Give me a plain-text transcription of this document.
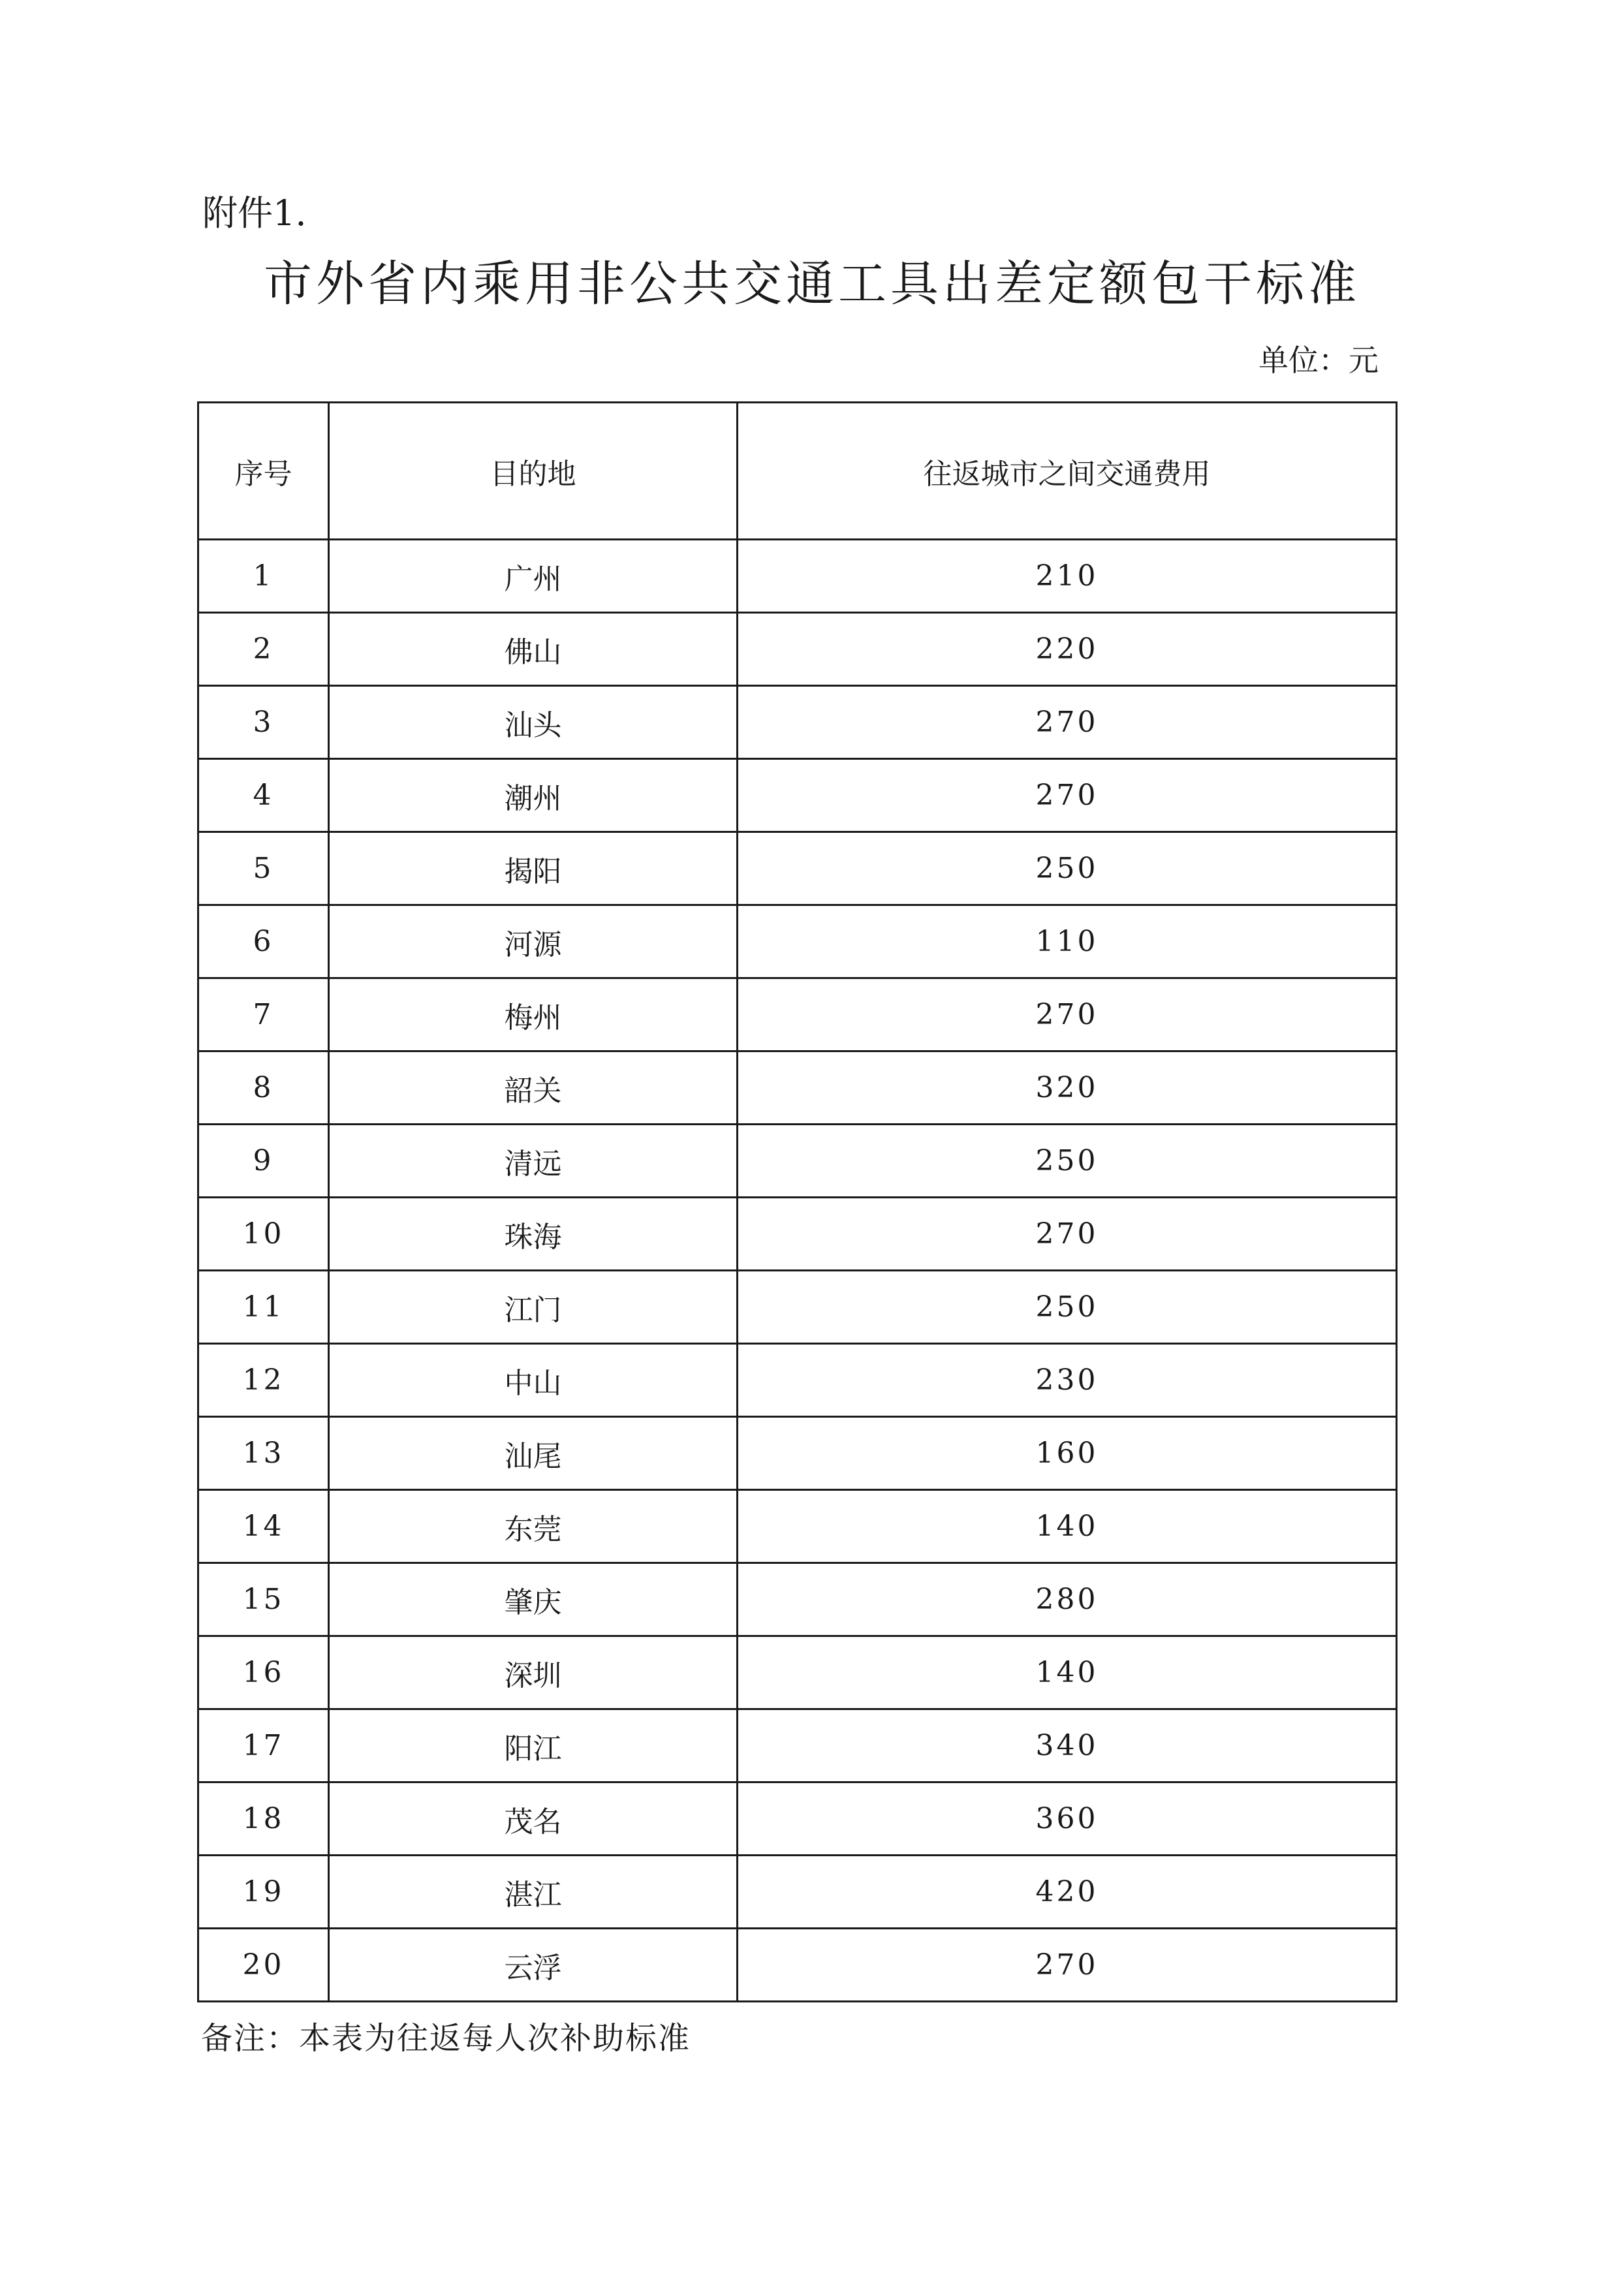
附件1.
市外省内乘用非公共交通工具出差定额包干标准
单位：元
序号	目的地	往返城市之间交通费用
1	广州	210
2	佛山	220
3	汕头	270
4	潮州	270
5	揭阳	250
6	河源	110
7	梅州	270
8	韶关	320
9	清远	250
10	珠海	270
11	江门	250
12	中山	230
13	汕尾	160
14	东莞	140
15	肇庆	280
16	深圳	140
17	阳江	340
18	茂名	360
19	湛江	420
20	云浮	270
备注：本表为往返每人次补助标准
